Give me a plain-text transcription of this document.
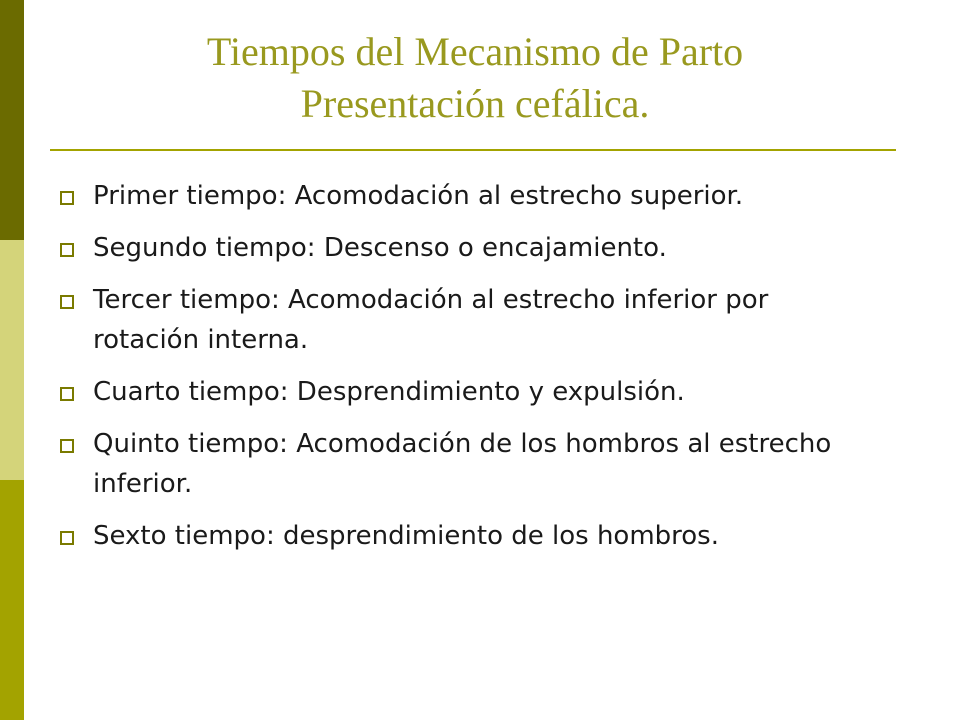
Tiempos del Mecanismo de Parto
Presentación cefálica.
Primer tiempo: Acomodación al estrecho superior.
Segundo tiempo: Descenso o encajamiento.
Tercer tiempo: Acomodación al estrecho inferior por rotación interna.
Cuarto tiempo: Desprendimiento y expulsión.
Quinto tiempo: Acomodación de los hombros al estrecho inferior.
Sexto tiempo: desprendimiento de los hombros.
